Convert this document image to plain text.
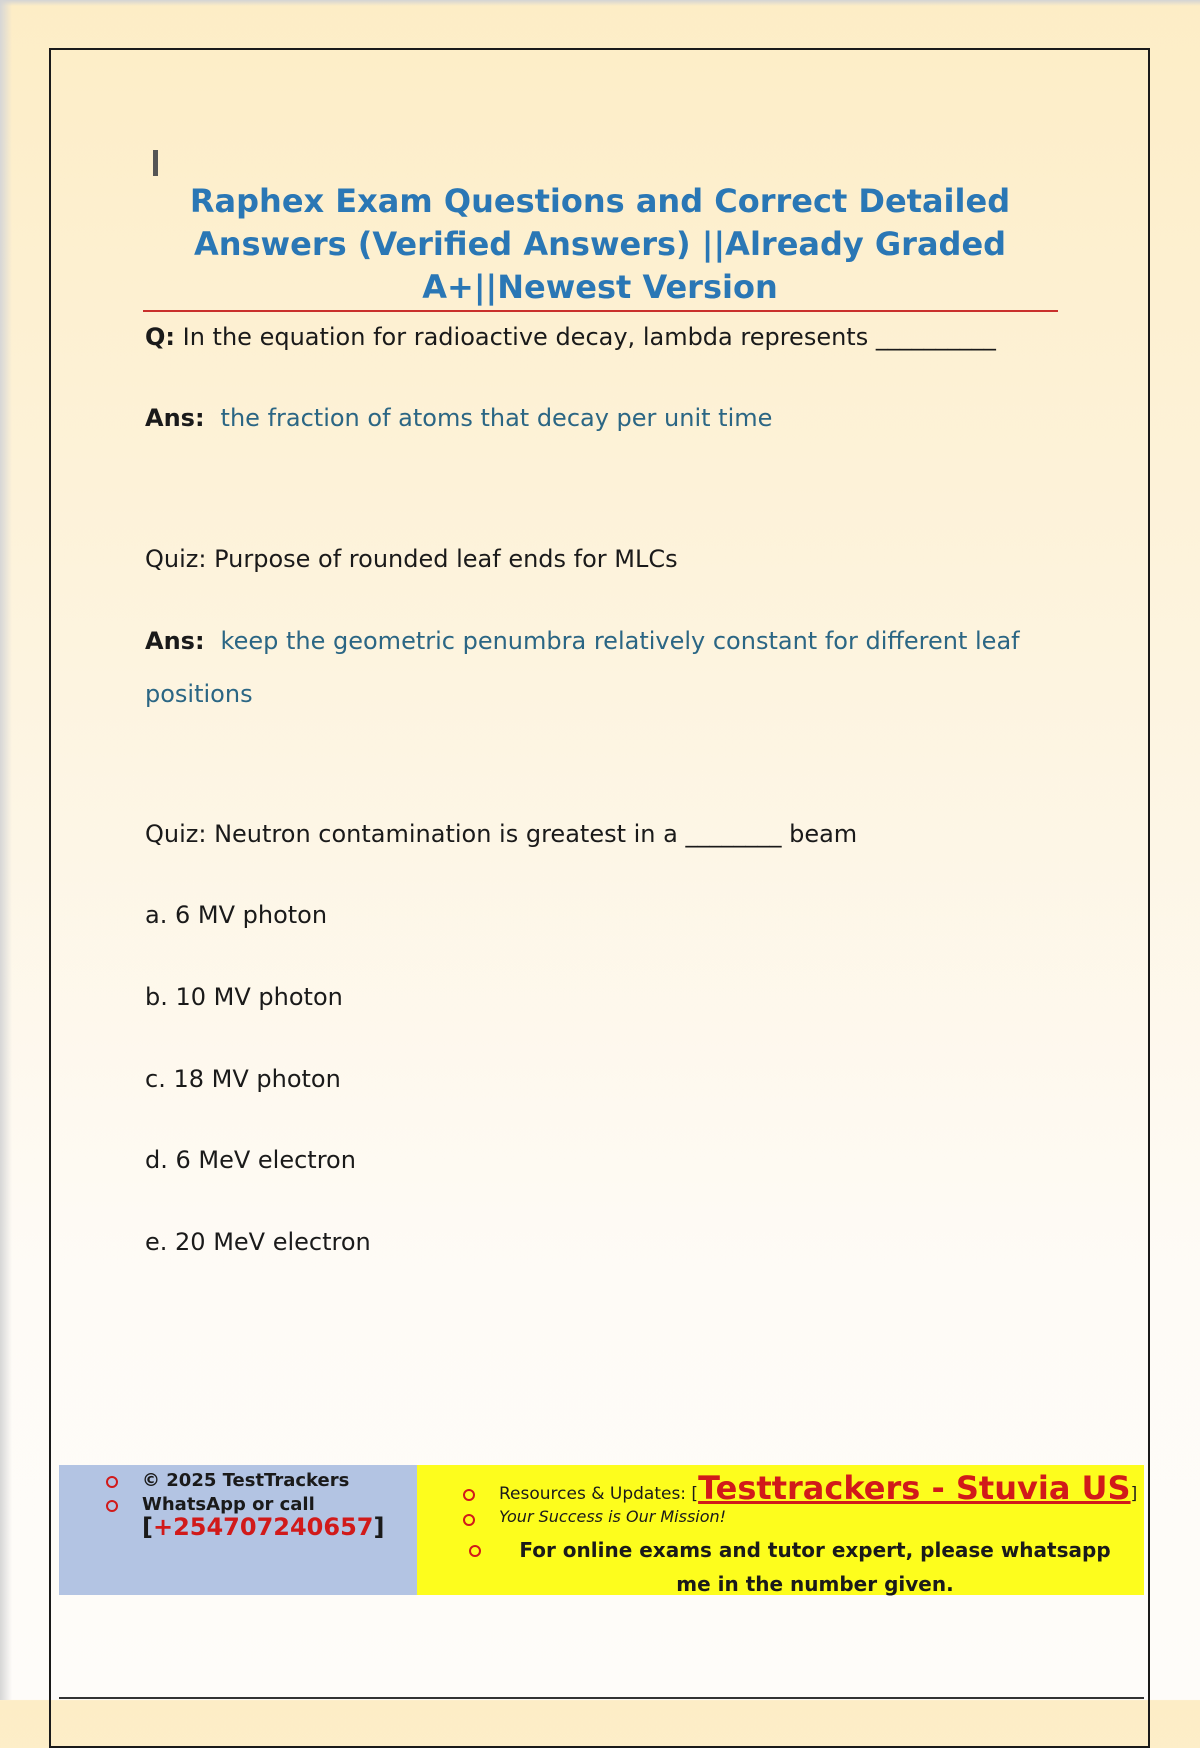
Raphex Exam Questions and Correct Detailed
Answers (Verified Answers) ||Already Graded
A+||Newest Version
Q: In the equation for radioactive decay, lambda represents __________
Ans: the fraction of atoms that decay per unit time
Quiz: Purpose of rounded leaf ends for MLCs
Ans: keep the geometric penumbra relatively constant for different leaf
positions
Quiz: Neutron contamination is greatest in a ________ beam
a. 6 MV photon
b. 10 MV photon
c. 18 MV photon
d. 6 MeV electron
e. 20 MeV electron
© 2025 TestTrackers
WhatsApp or call
[+254707240657]
Resources & Updates: [Testtrackers - Stuvia US]
Your Success is Our Mission!
For online exams and tutor expert, please whatsapp
me in the number given.
